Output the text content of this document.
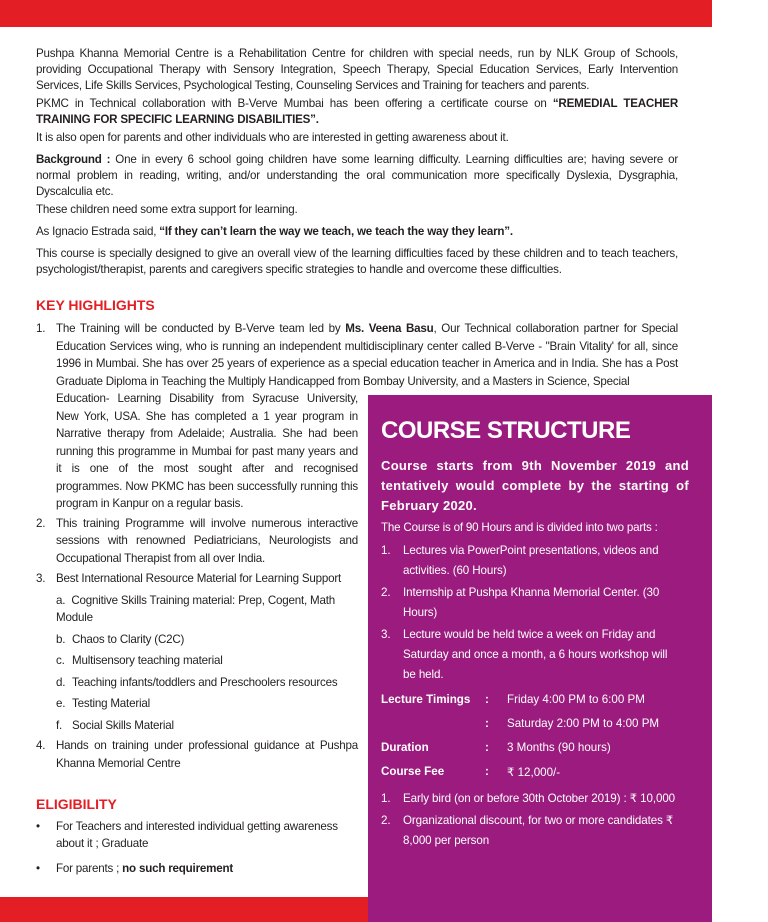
Pushpa Khanna Memorial Centre is a Rehabilitation Centre for children with special needs, run by NLK Group of Schools, providing Occupational Therapy with Sensory Integration, Speech Therapy, Special Education Services, Early Intervention Services, Life Skills Services, Psychological Testing, Counseling Services and Training for teachers and parents.

PKMC in Technical collaboration with B-Verve Mumbai has been offering a certificate course on “REMEDIAL TEACHER TRAINING FOR SPECIFIC LEARNING DISABILITIES”.

It is also open for parents and other individuals who are interested in getting awareness about it.

Background : One in every 6 school going children have some learning difficulty. Learning difficulties are; having severe or normal problem in reading, writing, and/or understanding the oral communication more specifically Dyslexia, Dysgraphia, Dyscalculia etc.

These children need some extra support for learning.

As Ignacio Estrada said, “If they can’t learn the way we teach, we teach the way they learn”.

This course is specially designed to give an overall view of the learning difficulties faced by these children and to teach teachers, psychologist/therapist, parents and caregivers specific strategies to handle and overcome these difficulties.

KEY HIGHLIGHTS
1. The Training will be conducted by B-Verve team led by Ms. Veena Basu, Our Technical collaboration partner for Special Education Services wing, who is running an independent multidisciplinary center called B-Verve - "Brain Vitality' for all, since 1996 in Mumbai. She has over 25 years of experience as a special education teacher in America and in India. She has a Post Graduate Diploma in Teaching the Multiply Handicapped from Bombay University, and a Masters in Science, Special
Education- Learning Disability from Syracuse University, New York, USA. She has completed a 1 year program in Narrative therapy from Adelaide; Australia. She had been running this programme in Mumbai for past many years and it is one of the most sought after and recognised programmes. Now PKMC has been successfully running this program in Kanpur on a regular basis.
2. This training Programme will involve numerous interactive sessions with renowned Pediatricians, Neurologists and Occupational Therapist from all over India.
3. Best International Resource Material for Learning Support
a. Cognitive Skills Training material: Prep, Cogent, Math Module
b. Chaos to Clarity (C2C)
c. Multisensory teaching material
d. Teaching infants/toddlers and Preschoolers resources
e. Testing Material
f. Social Skills Material
4. Hands on training under professional guidance at Pushpa Khanna Memorial Centre
ELIGIBILITY
• For Teachers and interested individual getting awareness about it ; Graduate
• For parents ; no such requirement
COURSE STRUCTURE
Course starts from 9th November 2019 and tentatively would complete by the starting of February 2020.
The Course is of 90 Hours and is divided into two parts :
1. Lectures via PowerPoint presentations, videos and activities. (60 Hours)
2. Internship at Pushpa Khanna Memorial Center. (30 Hours)
3. Lecture would be held twice a week on Friday and Saturday and once a month, a 6 hours workshop will be held.
Lecture Timings : Friday 4:00 PM to 6:00 PM
: Saturday 2:00 PM to 4:00 PM
Duration	: 3 Months (90 hours)
Course Fee	: ₹ 12,000/-
1. Early bird (on or before 30th October 2019) : ₹ 10,000
2. Organizational discount, for two or more candidates ₹ 8,000 per person
